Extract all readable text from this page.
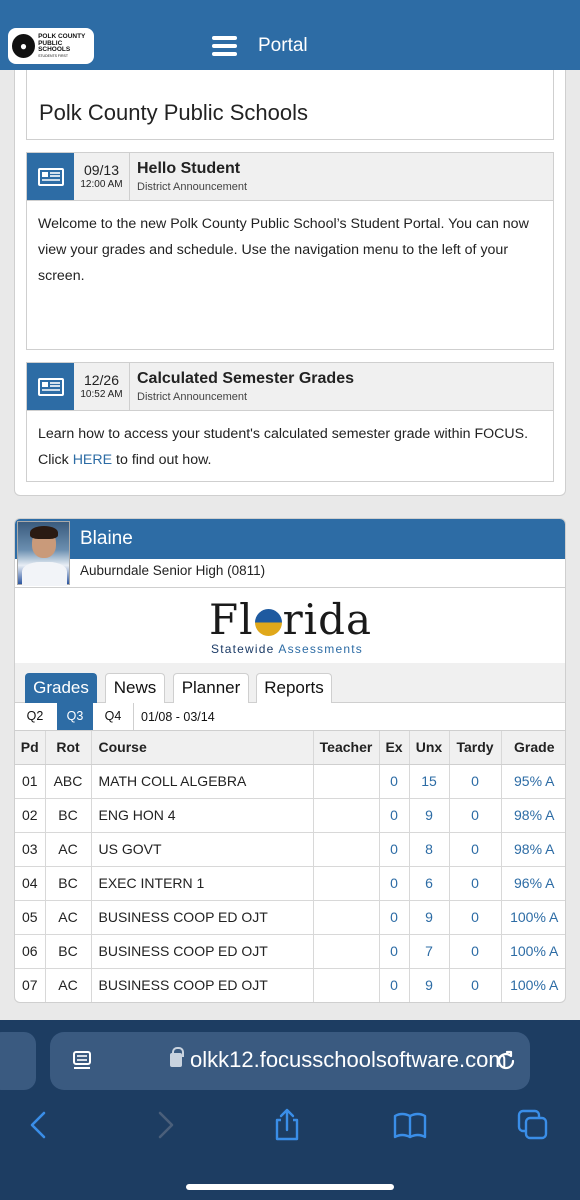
●
POLK COUNTY
PUBLIC SCHOOLS
STUDENTS FIRST	Portal
Polk County Public Schools
09/13
12:00 AM
Hello Student
District Announcement
Welcome to the new Polk County Public School’s Student Portal. You can now view your grades and schedule. Use the navigation menu to the left of your screen.
12/26
10:52 AM
Calculated Semester Grades
District Announcement
Learn how to access your student's calculated semester grade within FOCUS. Click HERE to find out how.
Blaine
Auburndale Senior High (0811)
Fl rida
Statewide Assessments
Grades	News	Planner	Reports
Q2	Q3	Q4	01/08 - 03/14
Pd	Rot	Course	Teacher	Ex	Unx	Tardy	Grade
01	ABC	MATH COLL ALGEBRA		0	15	0	95% A
02	BC	ENG HON 4		0	9	0	98% A
03	AC	US GOVT		0	8	0	98% A
04	BC	EXEC INTERN 1		0	6	0	96% A
05	AC	BUSINESS COOP ED OJT		0	9	0	100% A
06	BC	BUSINESS COOP ED OJT		0	7	0	100% A
07	AC	BUSINESS COOP ED OJT		0	9	0	100% A
olkk12.focusschoolsoftware.com
